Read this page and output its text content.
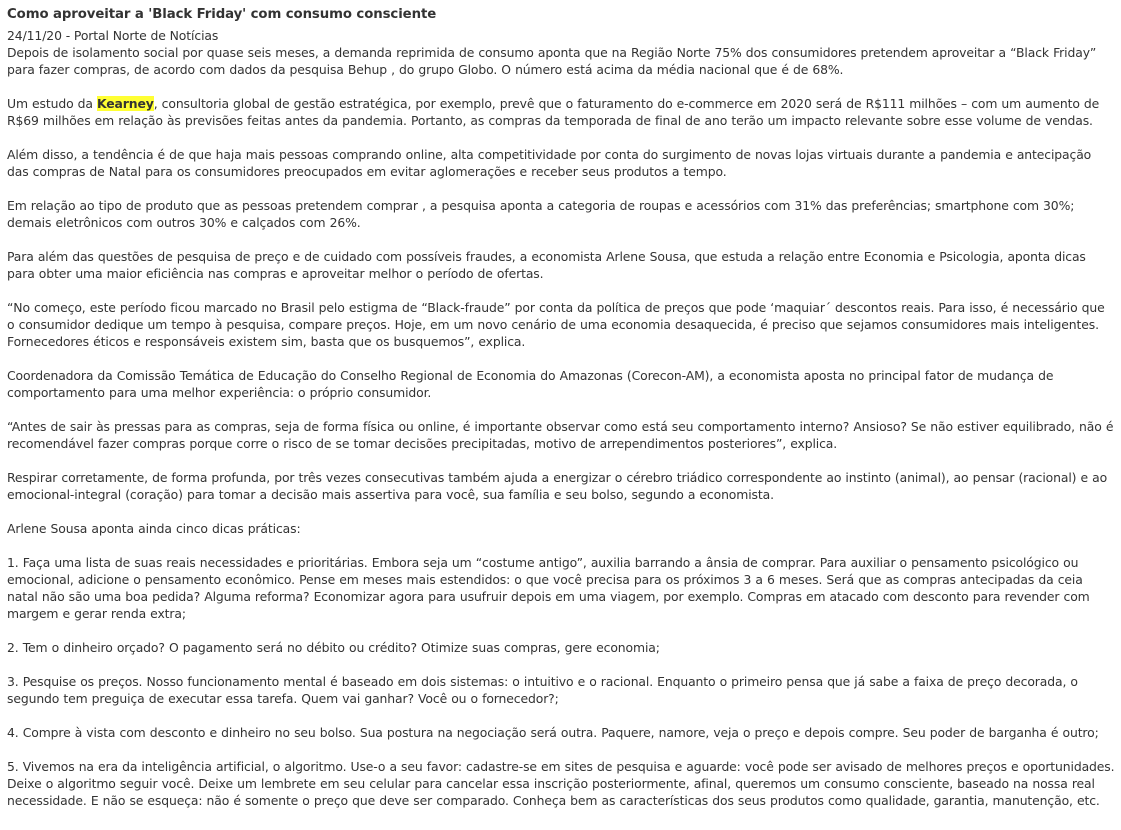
Como aproveitar a 'Black Friday' com consumo consciente
24/11/20 - Portal Norte de Notícias

Depois de isolamento social por quase seis meses, a demanda reprimida de consumo aponta que na Região Norte 75% dos consumidores pretendem aproveitar a “Black Friday” para fazer compras, de acordo com dados da pesquisa Behup , do grupo Globo. O número está acima da média nacional que é de 68%.

Um estudo da Kearney, consultoria global de gestão estratégica, por exemplo, prevê que o faturamento do e-commerce em 2020 será de R$111 milhões – com um aumento de R$69 milhões em relação às previsões feitas antes da pandemia. Portanto, as compras da temporada de final de ano terão um impacto relevante sobre esse volume de vendas.

Além disso, a tendência é de que haja mais pessoas comprando online, alta competitividade por conta do surgimento de novas lojas virtuais durante a pandemia e antecipação das compras de Natal para os consumidores preocupados em evitar aglomerações e receber seus produtos a tempo.

Em relação ao tipo de produto que as pessoas pretendem comprar , a pesquisa aponta a categoria de roupas e acessórios com 31% das preferências; smartphone com 30%; demais eletrônicos com outros 30% e calçados com 26%.

Para além das questões de pesquisa de preço e de cuidado com possíveis fraudes, a economista Arlene Sousa, que estuda a relação entre Economia e Psicologia, aponta dicas para obter uma maior eficiência nas compras e aproveitar melhor o período de ofertas.

“No começo, este período ficou marcado no Brasil pelo estigma de “Black-fraude” por conta da política de preços que pode ‘maquiar´ descontos reais. Para isso, é necessário que o consumidor dedique um tempo à pesquisa, compare preços. Hoje, em um novo cenário de uma economia desaquecida, é preciso que sejamos consumidores mais inteligentes. Fornecedores éticos e responsáveis existem sim, basta que os busquemos”, explica.

Coordenadora da Comissão Temática de Educação do Conselho Regional de Economia do Amazonas (Corecon-AM), a economista aposta no principal fator de mudança de comportamento para uma melhor experiência: o próprio consumidor.

“Antes de sair às pressas para as compras, seja de forma física ou online, é importante observar como está seu comportamento interno? Ansioso? Se não estiver equilibrado, não é recomendável fazer compras porque corre o risco de se tomar decisões precipitadas, motivo de arrependimentos posteriores”, explica.

Respirar corretamente, de forma profunda, por três vezes consecutivas também ajuda a energizar o cérebro triádico correspondente ao instinto (animal), ao pensar (racional) e ao emocional-integral (coração) para tomar a decisão mais assertiva para você, sua família e seu bolso, segundo a economista.

Arlene Sousa aponta ainda cinco dicas práticas:

1. Faça uma lista de suas reais necessidades e prioritárias. Embora seja um “costume antigo”, auxilia barrando a ânsia de comprar. Para auxiliar o pensamento psicológico ou emocional, adicione o pensamento econômico. Pense em meses mais estendidos: o que você precisa para os próximos 3 a 6 meses. Será que as compras antecipadas da ceia natal não são uma boa pedida? Alguma reforma? Economizar agora para usufruir depois em uma viagem, por exemplo. Compras em atacado com desconto para revender com margem e gerar renda extra;

2. Tem o dinheiro orçado? O pagamento será no débito ou crédito? Otimize suas compras, gere economia;

3. Pesquise os preços. Nosso funcionamento mental é baseado em dois sistemas: o intuitivo e o racional. Enquanto o primeiro pensa que já sabe a faixa de preço decorada, o segundo tem preguiça de executar essa tarefa. Quem vai ganhar? Você ou o fornecedor?;

4. Compre à vista com desconto e dinheiro no seu bolso. Sua postura na negociação será outra. Paquere, namore, veja o preço e depois compre. Seu poder de barganha é outro;

5. Vivemos na era da inteligência artificial, o algoritmo. Use-o a seu favor: cadastre-se em sites de pesquisa e aguarde: você pode ser avisado de melhores preços e oportunidades. Deixe o algoritmo seguir você. Deixe um lembrete em seu celular para cancelar essa inscrição posteriormente, afinal, queremos um consumo consciente, baseado na nossa real necessidade. E não se esqueça: não é somente o preço que deve ser comparado. Conheça bem as características dos seus produtos como qualidade, garantia, manutenção, etc.
